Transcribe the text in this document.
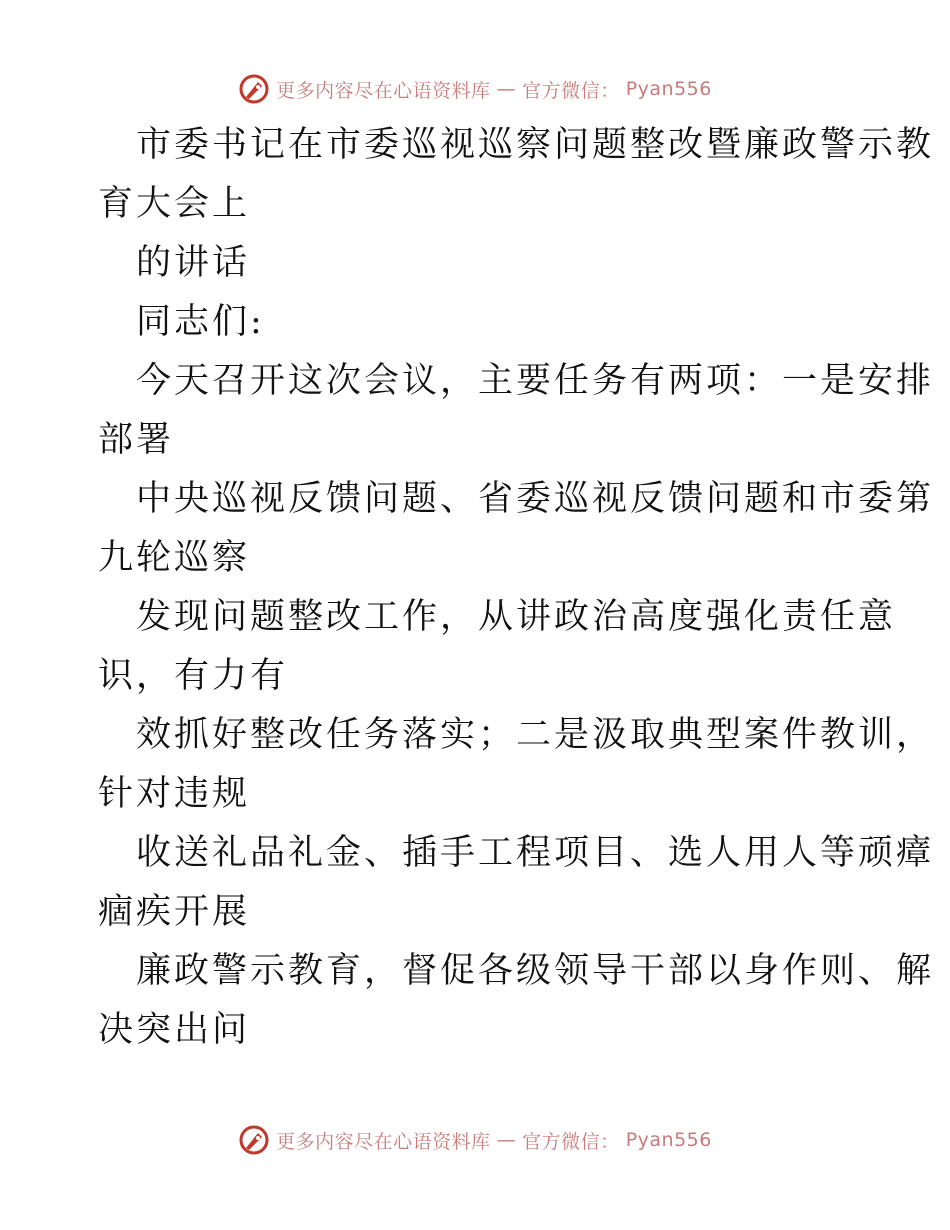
更多内容尽在心语资料库 — 官方微信： Pyan556
市委书记在市委巡视巡察问题整改暨廉政警示教
育大会上
的讲话
同志们:
今天召开这次会议，主要任务有两项：一是安排
部署
中央巡视反馈问题、省委巡视反馈问题和市委第
九轮巡察
发现问题整改工作，从讲政治高度强化责任意
识，有力有
效抓好整改任务落实；二是汲取典型案件教训，
针对违规
收送礼品礼金、插手工程项目、选人用人等顽瘴
痼疾开展
廉政警示教育，督促各级领导干部以身作则、解
决突出问
更多内容尽在心语资料库 — 官方微信： Pyan556
